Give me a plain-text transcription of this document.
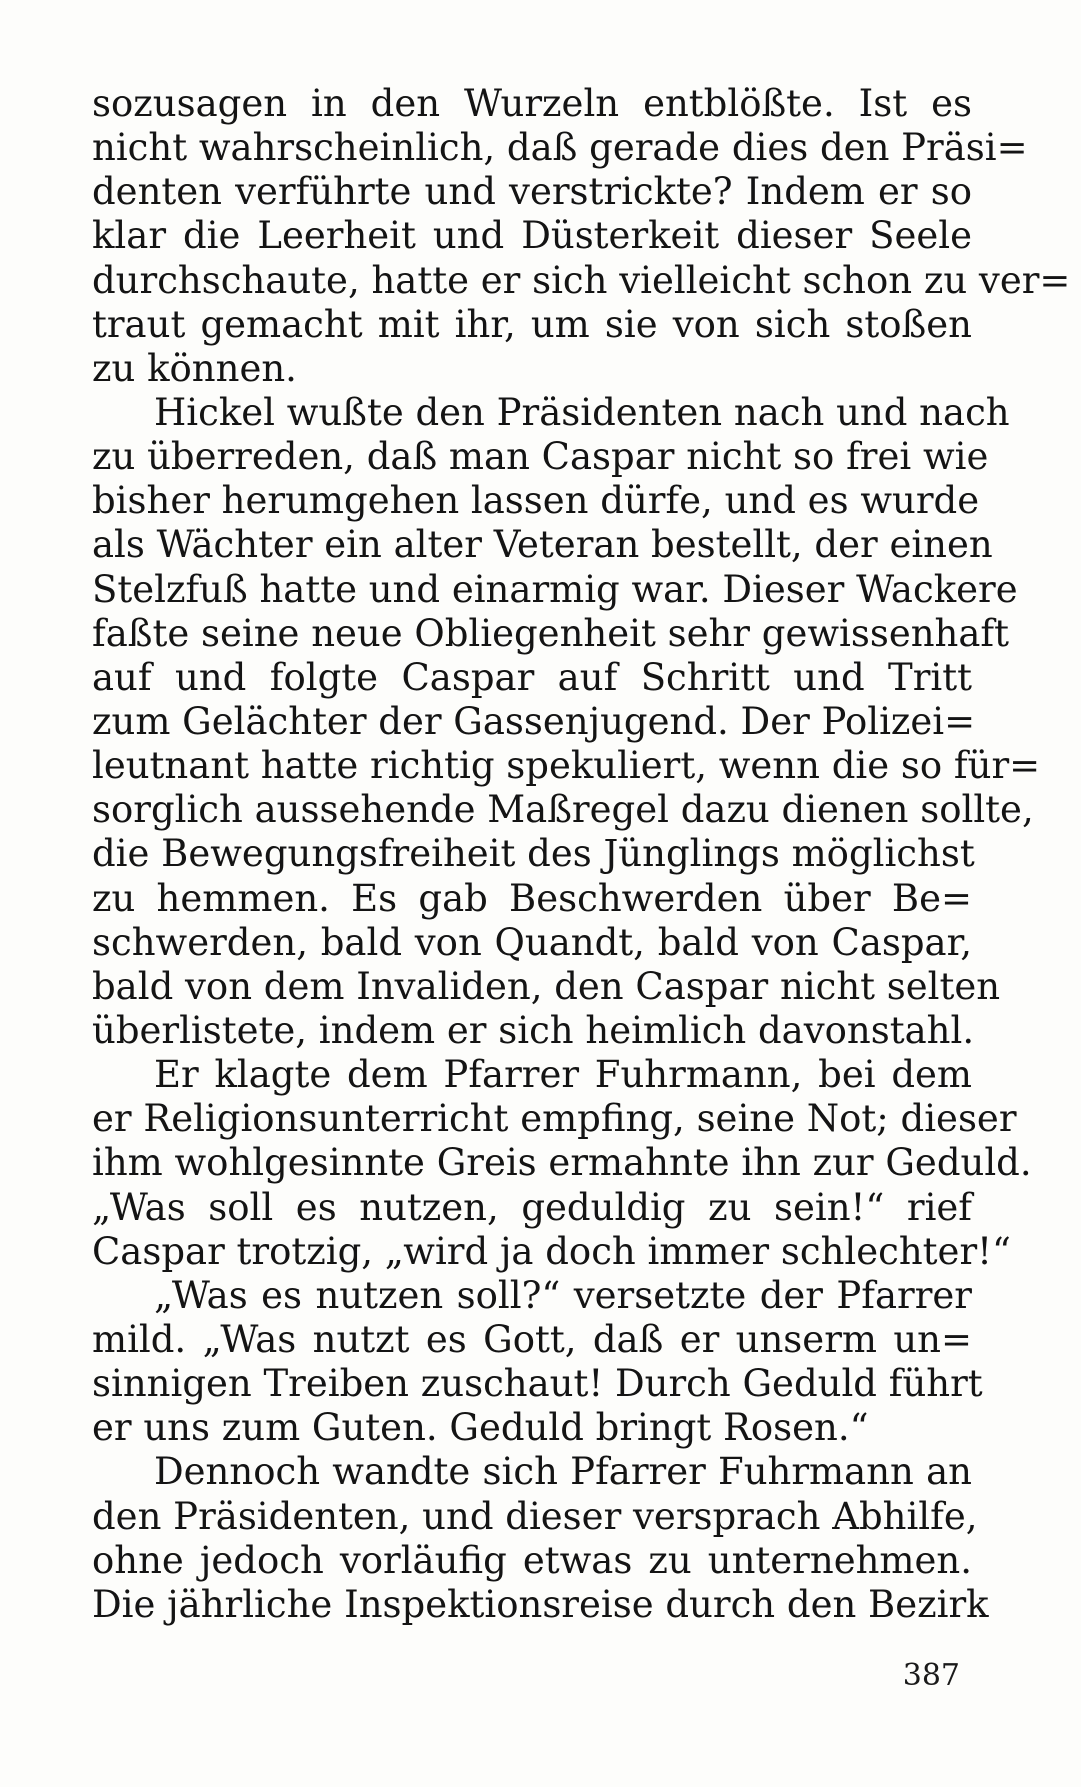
sozusagen in den Wurzeln entblößte. Ist es
nicht wahrscheinlich, daß gerade dies den Präsi=
denten verführte und verstrickte? Indem er so
klar die Leerheit und Düsterkeit dieser Seele
durchschaute, hatte er sich vielleicht schon zu ver=
traut gemacht mit ihr, um sie von sich stoßen
zu können.
Hickel wußte den Präsidenten nach und nach
zu überreden, daß man Caspar nicht so frei wie
bisher herumgehen lassen dürfe, und es wurde
als Wächter ein alter Veteran bestellt, der einen
Stelzfuß hatte und einarmig war. Dieser Wackere
faßte seine neue Obliegenheit sehr gewissenhaft
auf und folgte Caspar auf Schritt und Tritt
zum Gelächter der Gassenjugend. Der Polizei=
leutnant hatte richtig spekuliert, wenn die so für=
sorglich aussehende Maßregel dazu dienen sollte,
die Bewegungsfreiheit des Jünglings möglichst
zu hemmen. Es gab Beschwerden über Be=
schwerden, bald von Quandt, bald von Caspar,
bald von dem Invaliden, den Caspar nicht selten
überlistete, indem er sich heimlich davonstahl.
Er klagte dem Pfarrer Fuhrmann, bei dem
er Religionsunterricht empfing, seine Not; dieser
ihm wohlgesinnte Greis ermahnte ihn zur Geduld.
„Was soll es nutzen, geduldig zu sein!“ rief
Caspar trotzig, „wird ja doch immer schlechter!“
„Was es nutzen soll?“ versetzte der Pfarrer
mild. „Was nutzt es Gott, daß er unserm un=
sinnigen Treiben zuschaut! Durch Geduld führt
er uns zum Guten. Geduld bringt Rosen.“
Dennoch wandte sich Pfarrer Fuhrmann an
den Präsidenten, und dieser versprach Abhilfe,
ohne jedoch vorläufig etwas zu unternehmen.
Die jährliche Inspektionsreise durch den Bezirk
387
